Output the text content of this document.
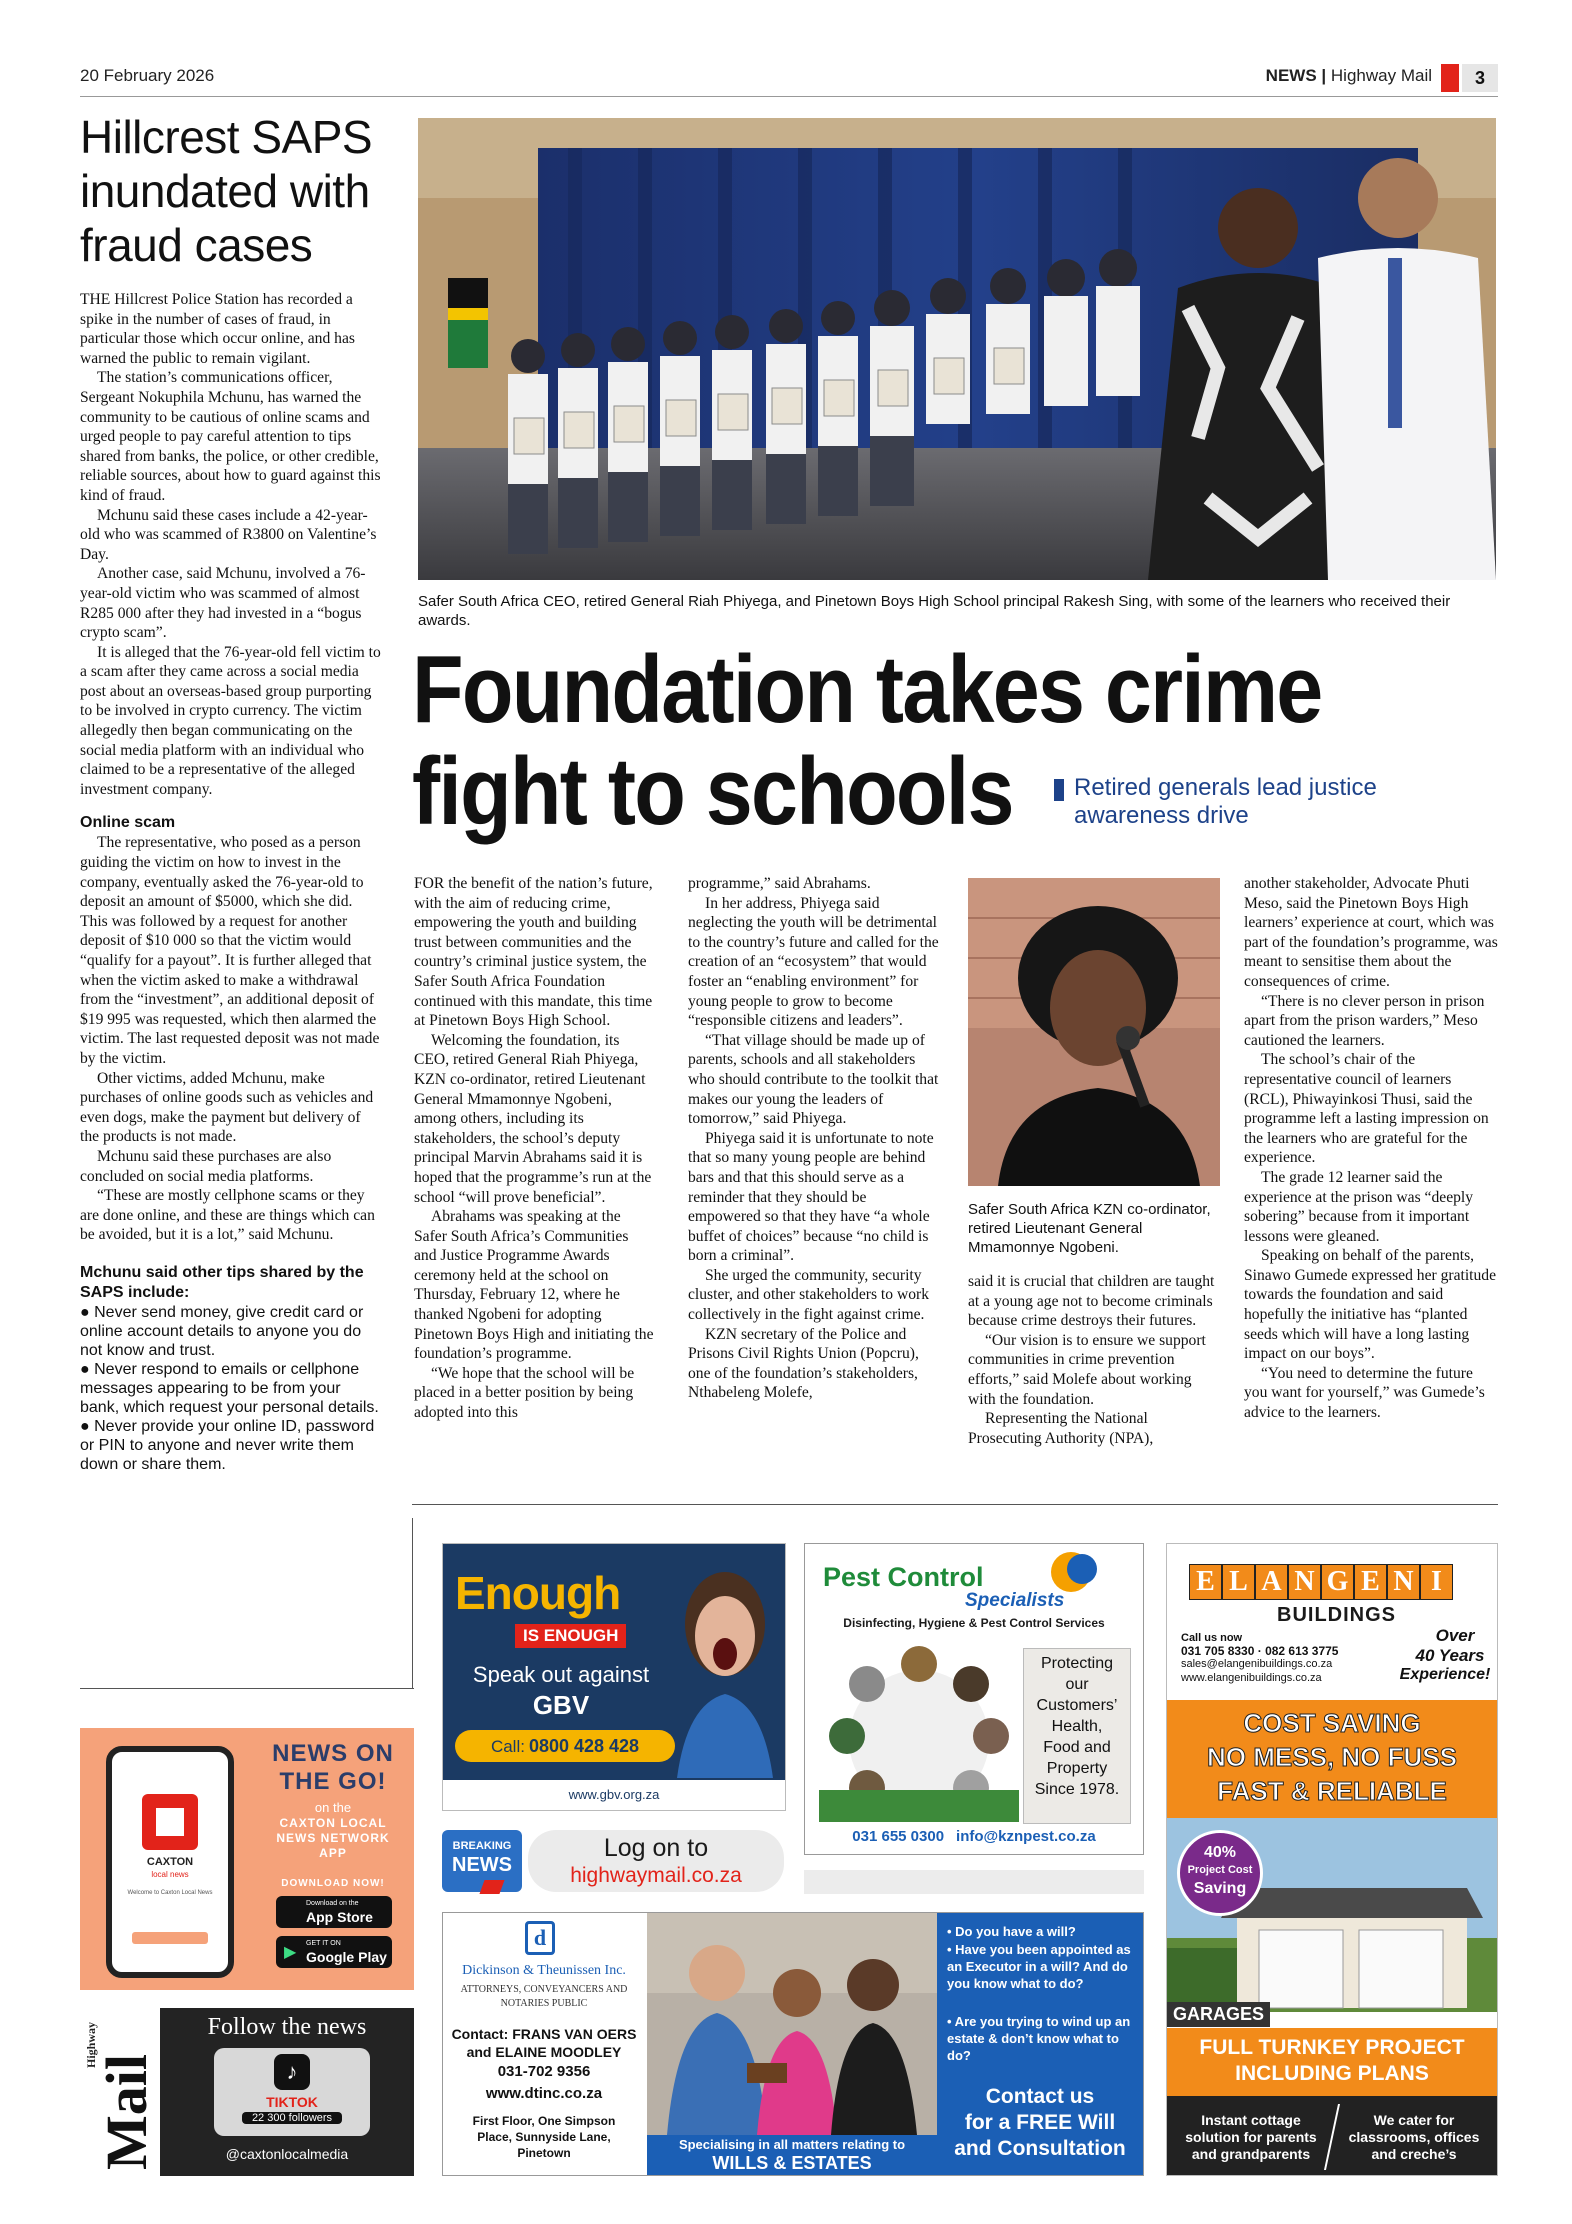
20 February 2026	NEWS | Highway Mail	3
Hillcrest SAPS inundated with fraud cases

THE Hillcrest Police Station has recorded a spike in the number of cases of fraud, in particular those which occur online, and has warned the public to remain vigilant.

The station’s communications officer, Sergeant Nokuphila Mchunu, has warned the community to be cautious of online scams and urged people to pay careful attention to tips shared from banks, the police, or other credible, reliable sources, about how to guard against this kind of fraud.

Mchunu said these cases include a 42-year-old who was scammed of R3800 on Valentine’s Day.

Another case, said Mchunu, involved a 76-year-old victim who was scammed of almost R285 000 after they had invested in a “bogus crypto scam”.

It is alleged that the 76-year-old fell victim to a scam after they came across a social media post about an overseas-based group purporting to be involved in crypto currency. The victim allegedly then began communicating on the social media platform with an individual who claimed to be a representative of the alleged investment company.

Online scam

The representative, who posed as a person guiding the victim on how to invest in the company, eventually asked the 76-year-old to deposit an amount of $5000, which she did. This was followed by a request for another deposit of $10 000 so that the victim would “qualify for a payout”. It is further alleged that when the victim asked to make a withdrawal from the “investment”, an additional deposit of $19 995 was requested, which then alarmed the victim. The last requested deposit was not made by the victim.

Other victims, added Mchunu, make purchases of online goods such as vehicles and even dogs, make the payment but delivery of the products is not made.

Mchunu said these purchases are also concluded on social media platforms.

“These are mostly cellphone scams or they are done online, and these are things which can be avoided, but it is a lot,” said Mchunu.

Mchunu said other tips shared by the SAPS include:

● Never send money, give credit card or online account details to anyone you do not know and trust.

● Never respond to emails or cellphone messages appearing to be from your bank, which request your personal details.

● Never provide your online ID, password or PIN to anyone and never write them down or share them.

Safer South Africa CEO, retired General Riah Phiyega, and Pinetown Boys High School principal Rakesh Sing, with some of the learners who received their awards.
Foundation takes crime
fight to schools	Retired generals lead justice awareness drive

FOR the benefit of the nation’s future, with the aim of reducing crime, empowering the youth and building trust between communities and the country’s criminal justice system, the Safer South Africa Foundation continued with this mandate, this time at Pinetown Boys High School.

Welcoming the foundation, its CEO, retired General Riah Phiyega, KZN co-ordinator, retired Lieutenant General Mmamonnye Ngobeni, among others, including its stakeholders, the school’s deputy principal Marvin Abrahams said it is hoped that the programme’s run at the school “will prove beneficial”.

Abrahams was speaking at the Safer South Africa’s Communities and Justice Programme Awards ceremony held at the school on Thursday, February 12, where he thanked Ngobeni for adopting Pinetown Boys High and initiating the foundation’s programme.

“We hope that the school will be placed in a better position by being adopted into this

programme,” said Abrahams.

In her address, Phiyega said neglecting the youth will be detrimental to the country’s future and called for the creation of an “ecosystem” that would foster an “enabling environment” for young people to grow to become “responsible citizens and leaders”.

“That village should be made up of parents, schools and all stakeholders who should contribute to the toolkit that makes our young the leaders of tomorrow,” said Phiyega.

Phiyega said it is unfortunate to note that so many young people are behind bars and that this should serve as a reminder that they should be empowered so that they have “a whole buffet of choices” because “no child is born a criminal”.

She urged the community, security cluster, and other stakeholders to work collectively in the fight against crime.

KZN secretary of the Police and Prisons Civil Rights Union (Popcru), one of the foundation’s stakeholders, Nthabeleng Molefe,

Safer South Africa KZN co-ordinator, retired Lieutenant General Mmamonnye Ngobeni.

said it is crucial that children are taught at a young age not to become criminals because crime destroys their futures.

“Our vision is to ensure we support communities in crime prevention efforts,” said Molefe about working with the foundation.

Representing the National Prosecuting Authority (NPA),

another stakeholder, Advocate Phuti Meso, said the Pinetown Boys High learners’ experience at court, which was part of the foundation’s programme, was meant to sensitise them about the consequences of crime.

“There is no clever person in prison apart from the prison warders,” Meso cautioned the learners.

The school’s chair of the representative council of learners (RCL), Phiwayinkosi Thusi, said the programme left a lasting impression on the learners who are grateful for the experience.

The grade 12 learner said the experience at the prison was “deeply sobering” because from it important lessons were gleaned.

Speaking on behalf of the parents, Sinawo Gumede expressed her gratitude towards the foundation and said hopefully the initiative has “planted seeds which will have a long lasting impact on our boys”.

“You need to determine the future you want for yourself,” was Gumede’s advice to the learners.

CAXTON
local news
Welcome to Caxton Local News
NEWS ON
THE GO!
on the
CAXTON LOCAL NEWS NETWORK APP
DOWNLOAD NOW!
Download on the
App Store
▶
GET IT ON
Google Play
Highway
Mail
Follow the news
♪
TIKTOK
22 300 followers
@caxtonlocalmedia
Enough
IS ENOUGH
Speak out against
GBV
Call: 0800 428 428
www.gbv.org.za
BREAKING
NEWS
Log on to
highwaymail.co.za
Pest Control
Specialists
Disinfecting, Hygiene & Pest Control Services
Protecting
our
Customers’
Health,
Food and
Property
Since 1978.
031 655 0300 info@kznpest.co.za
E L A N G E N I
BUILDINGS
Call us now
031 705 8330 · 082 613 3775
sales@elangenibuildings.co.za
www.elangenibuildings.co.za
Over
40 Years
Experience!
COST SAVING
NO MESS, NO FUSS
FAST & RELIABLE
40%
Project Cost
Saving
GARAGES
FULL TURNKEY PROJECT
INCLUDING PLANS
Instant cottage solution for parents and grandparents
We cater for classrooms, offices and creche’s
d
Dickinson & Theunissen Inc.
ATTORNEYS, CONVEYANCERS AND NOTARIES PUBLIC
Contact: FRANS VAN OERS and ELAINE MOODLEY
031-702 9356
www.dtinc.co.za
First Floor, One Simpson Place, Sunnyside Lane, Pinetown
Specialising in all matters relating to
WILLS & ESTATES
• Do you have a will?
• Have you been appointed as an Executor in a will? And do you know what to do?
• Are you trying to wind up an estate & don’t know what to do?
Contact us
for a FREE Will
and Consultation
